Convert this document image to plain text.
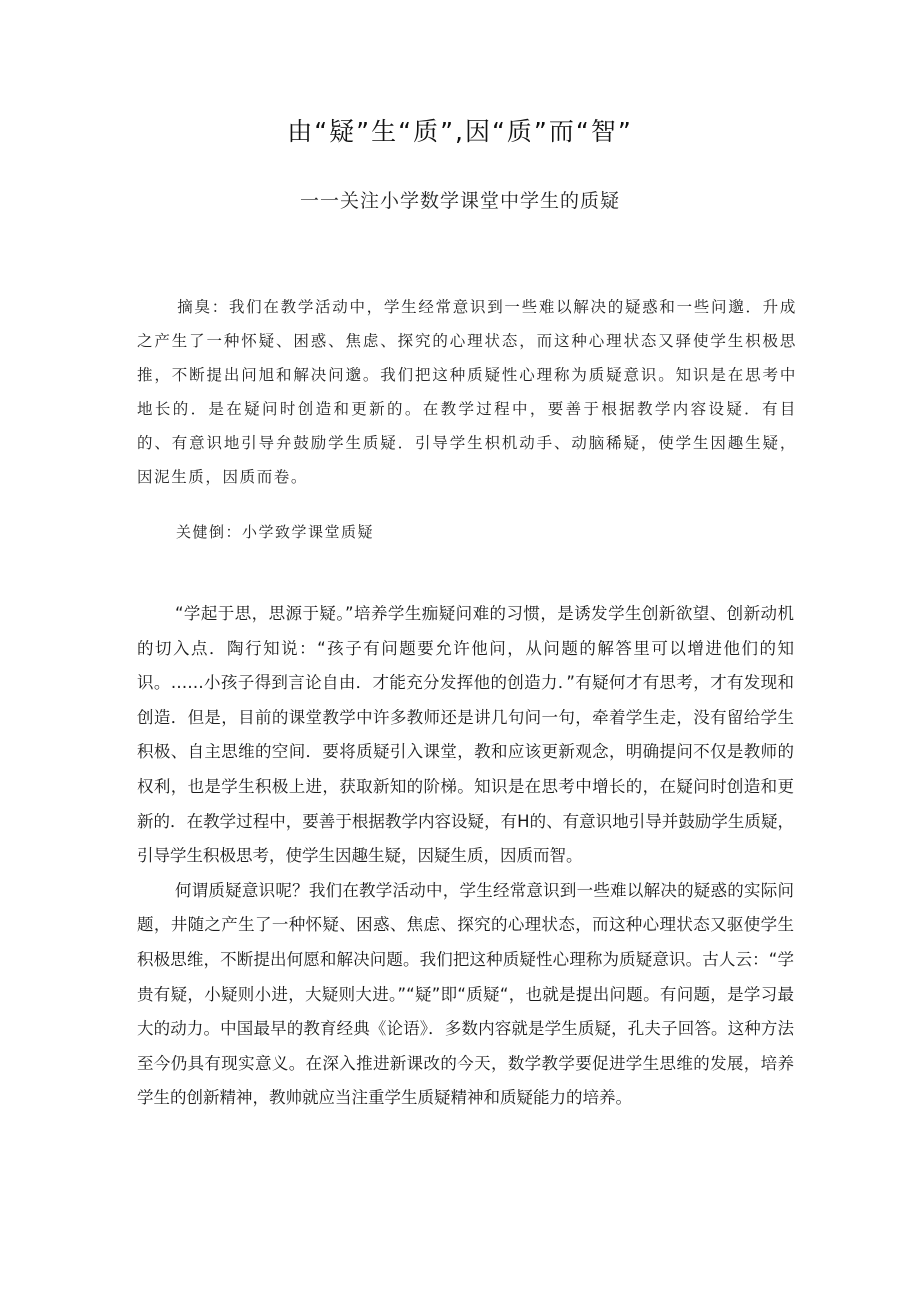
由“疑”生“质”,因“质”而“智”
一一关注小学数学课堂中学生的质疑

摘臭：我们在教学活动中，学生经常意识到一些难以解决的疑惑和一些问邈．升成之产生了一种怀疑、困惑、焦虑、探究的心理状态，而这种心理状态又驿使学生枳极思推，不断提出问旭和解决问邈。我们把这种质疑性心理称为质疑意识。知识是在思考中地长的．是在疑问时创造和更新的。在教学过程中，要善于根据教学内容设疑．有目的、有意识地引导弁鼓励学生质疑．引导学生枳机动手、动脑稀疑，使学生因趣生疑，因泥生质，因质而卷。

关健倒：小学致学课堂质疑

“学起于思，思源于疑。”培养学生痂疑问难的习惯，是诱发学生创新欲望、创新动机的切入点．陶行知说：“孩子有问题要允许他问，从问题的解答里可以增进他们的知识。……小孩子得到言论自由．才能充分发挥他的创造力．”有疑何才有思考，才有发现和创造．但是，目前的课堂教学中许多教师还是讲几句问一句，牵着学生走，没有留给学生积极、自主思维的空间．要将质疑引入课堂，教和应该更新观念，明确提问不仅是教师的权利，也是学生积极上进，获取新知的阶梯。知识是在思考中增长的，在疑问时创造和更新的．在教学过程中，要善于根据教学内容设疑，有H的、有意识地引导并鼓励学生质疑，引导学生积极思考，使学生因趣生疑，因疑生质，因质而智。

何谓质疑意识呢？我们在教学活动中，学生经常意识到一些难以解决的疑惑的实际问题，井随之产生了一种怀疑、困惑、焦虑、探究的心理状态，而这种心理状态又驱使学生积极思维，不断提出何愿和解决问题。我们把这种质疑性心理称为质疑意识。古人云：“学贵有疑，小疑则小进，大疑则大进。”“疑”即“质疑“，也就是提出问题。有问题，是学习最大的动力。中国最早的教育经典《论语》．多数内容就是学生质疑，孔夫子回答。这种方法至今仍具有现实意义。在深入推进新课改的今天，数学教学要促进学生思维的发展，培养学生的创新精神，教帅就应当注重学生质疑精神和质疑能力的培养。
